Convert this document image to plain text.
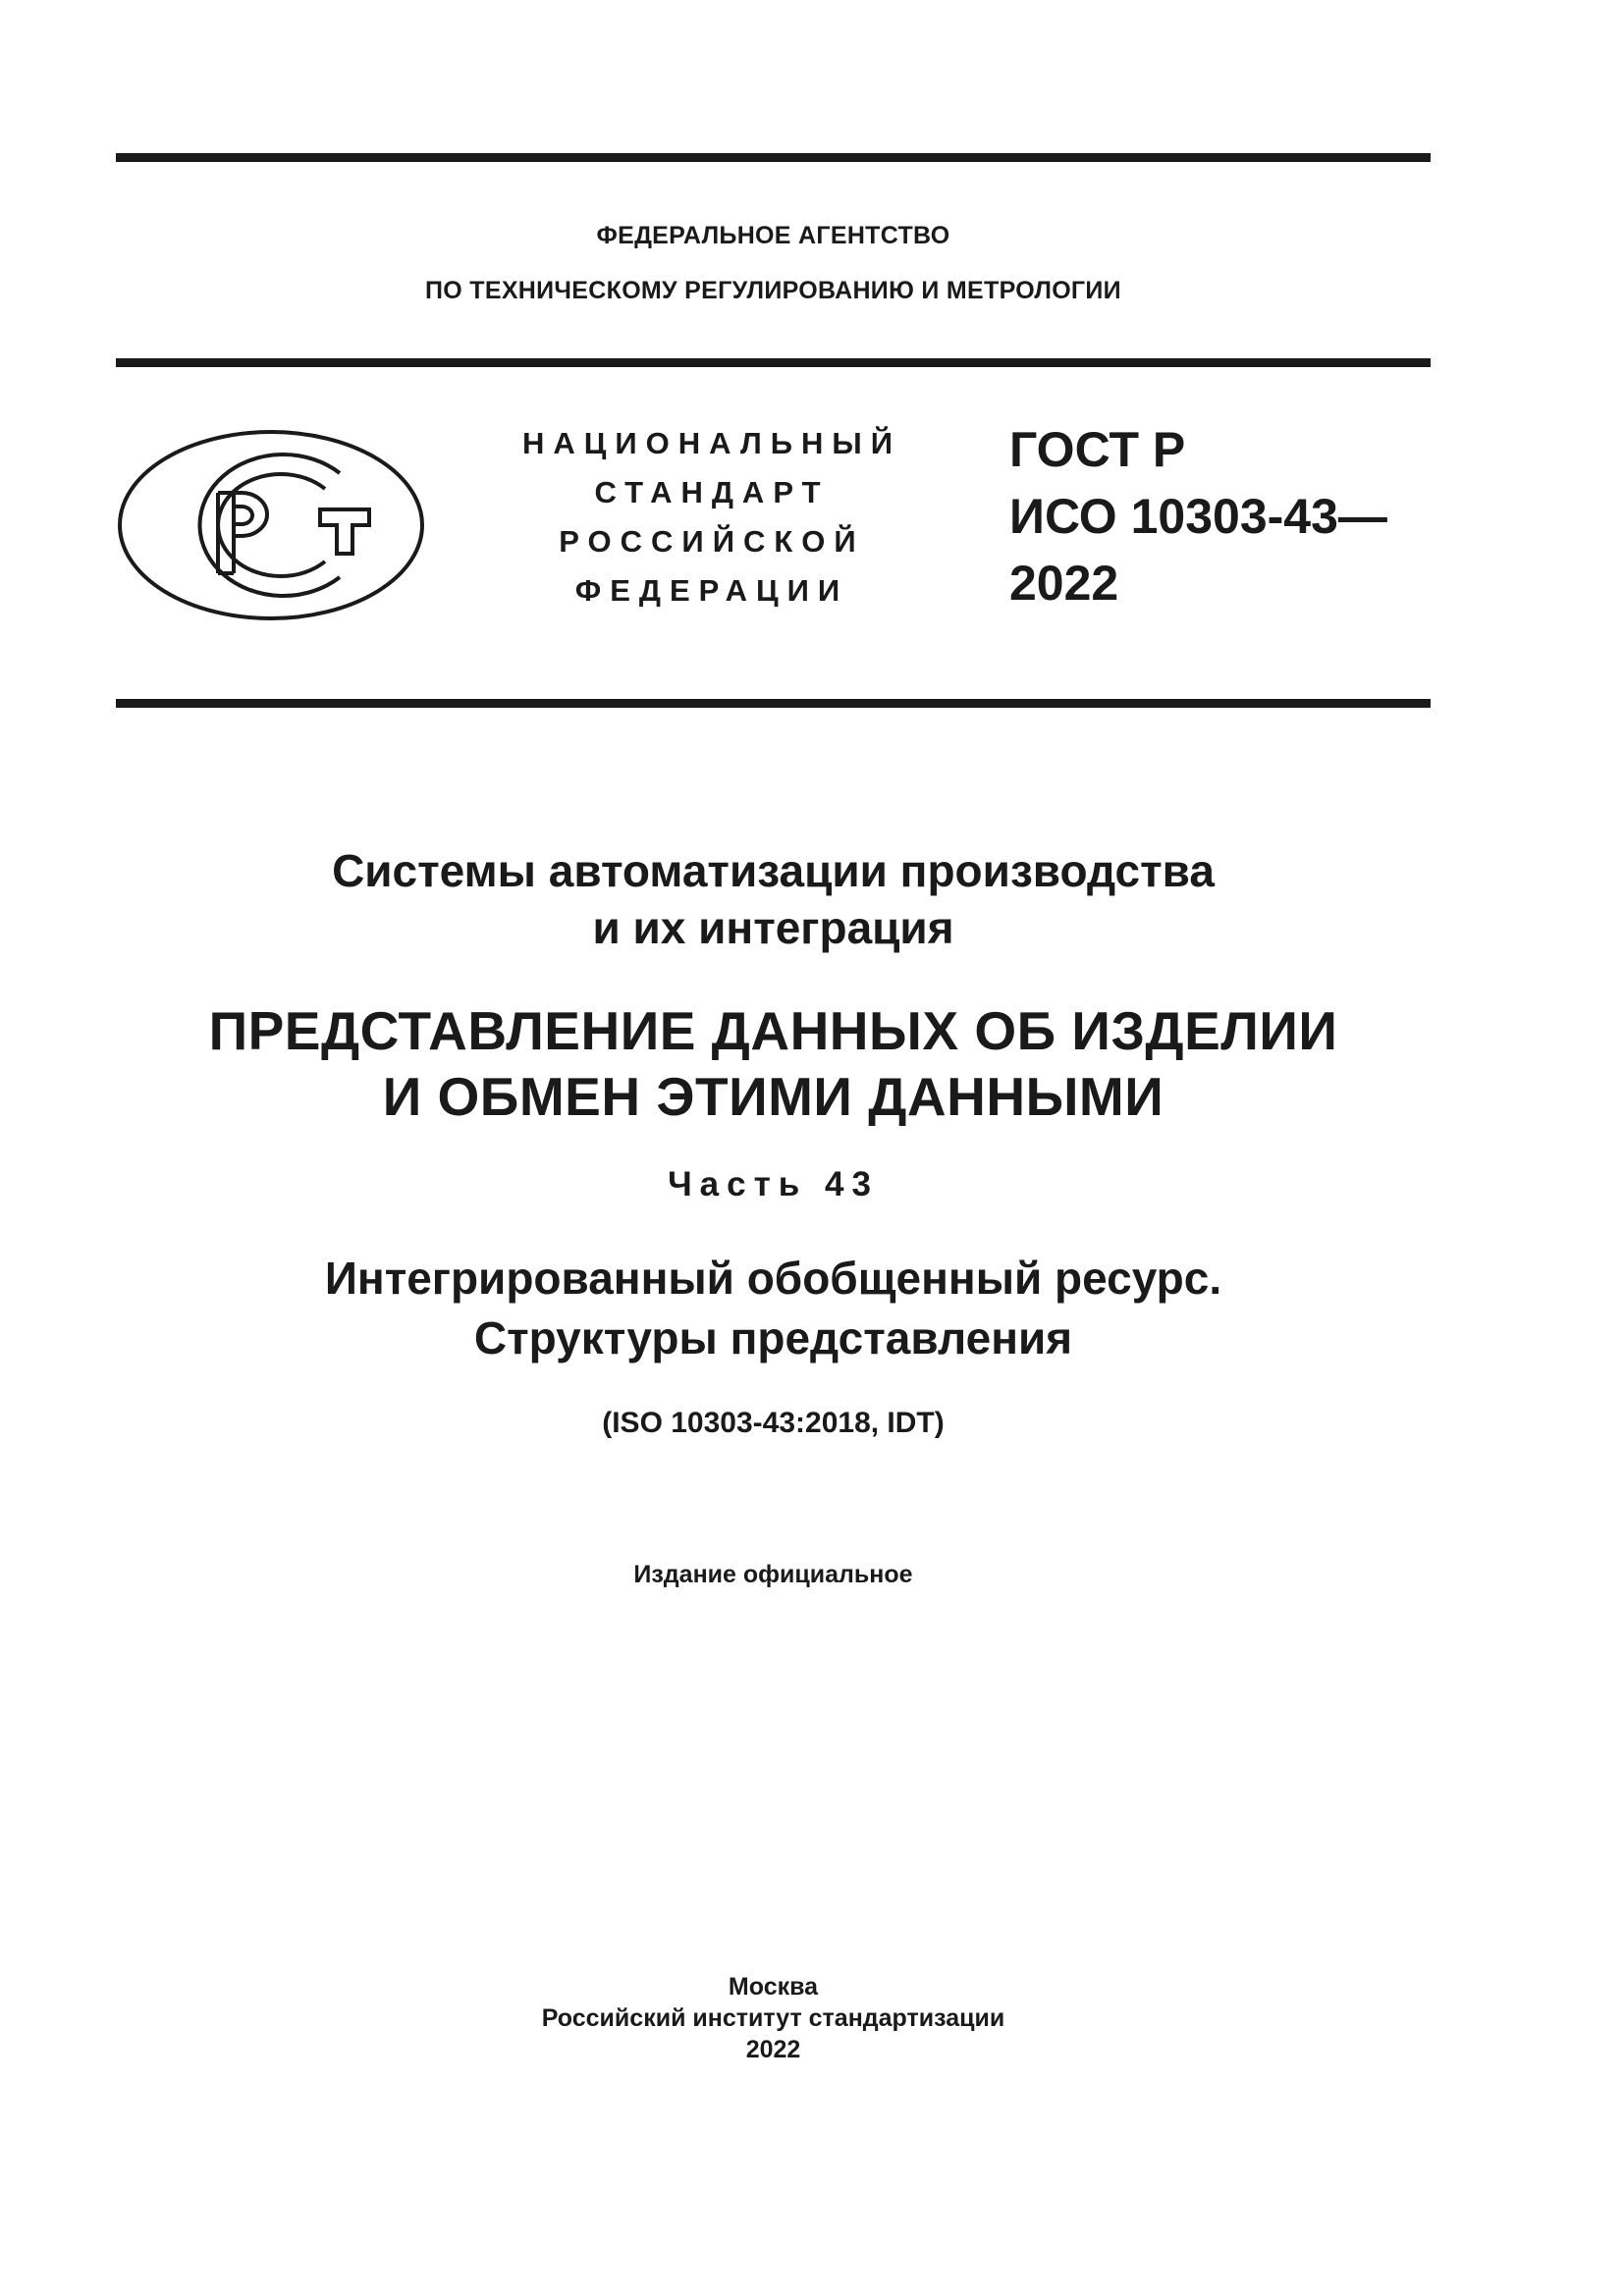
ФЕДЕРАЛЬНОЕ АГЕНТСТВО
ПО ТЕХНИЧЕСКОМУ РЕГУЛИРОВАНИЮ И МЕТРОЛОГИИ
НАЦИОНАЛЬНЫЙ
СТАНДАРТ
РОССИЙСКОЙ
ФЕДЕРАЦИИ
ГОСТ Р
ИСО 10303-43—
2022
Системы автоматизации производства
и их интеграция
ПРЕДСТАВЛЕНИЕ ДАННЫХ ОБ ИЗДЕЛИИ
И ОБМЕН ЭТИМИ ДАННЫМИ
Часть 43
Интегрированный обобщенный ресурс.
Структуры представления
(ISO 10303-43:2018, IDT)
Издание официальное
Москва
Российский институт стандартизации
2022
